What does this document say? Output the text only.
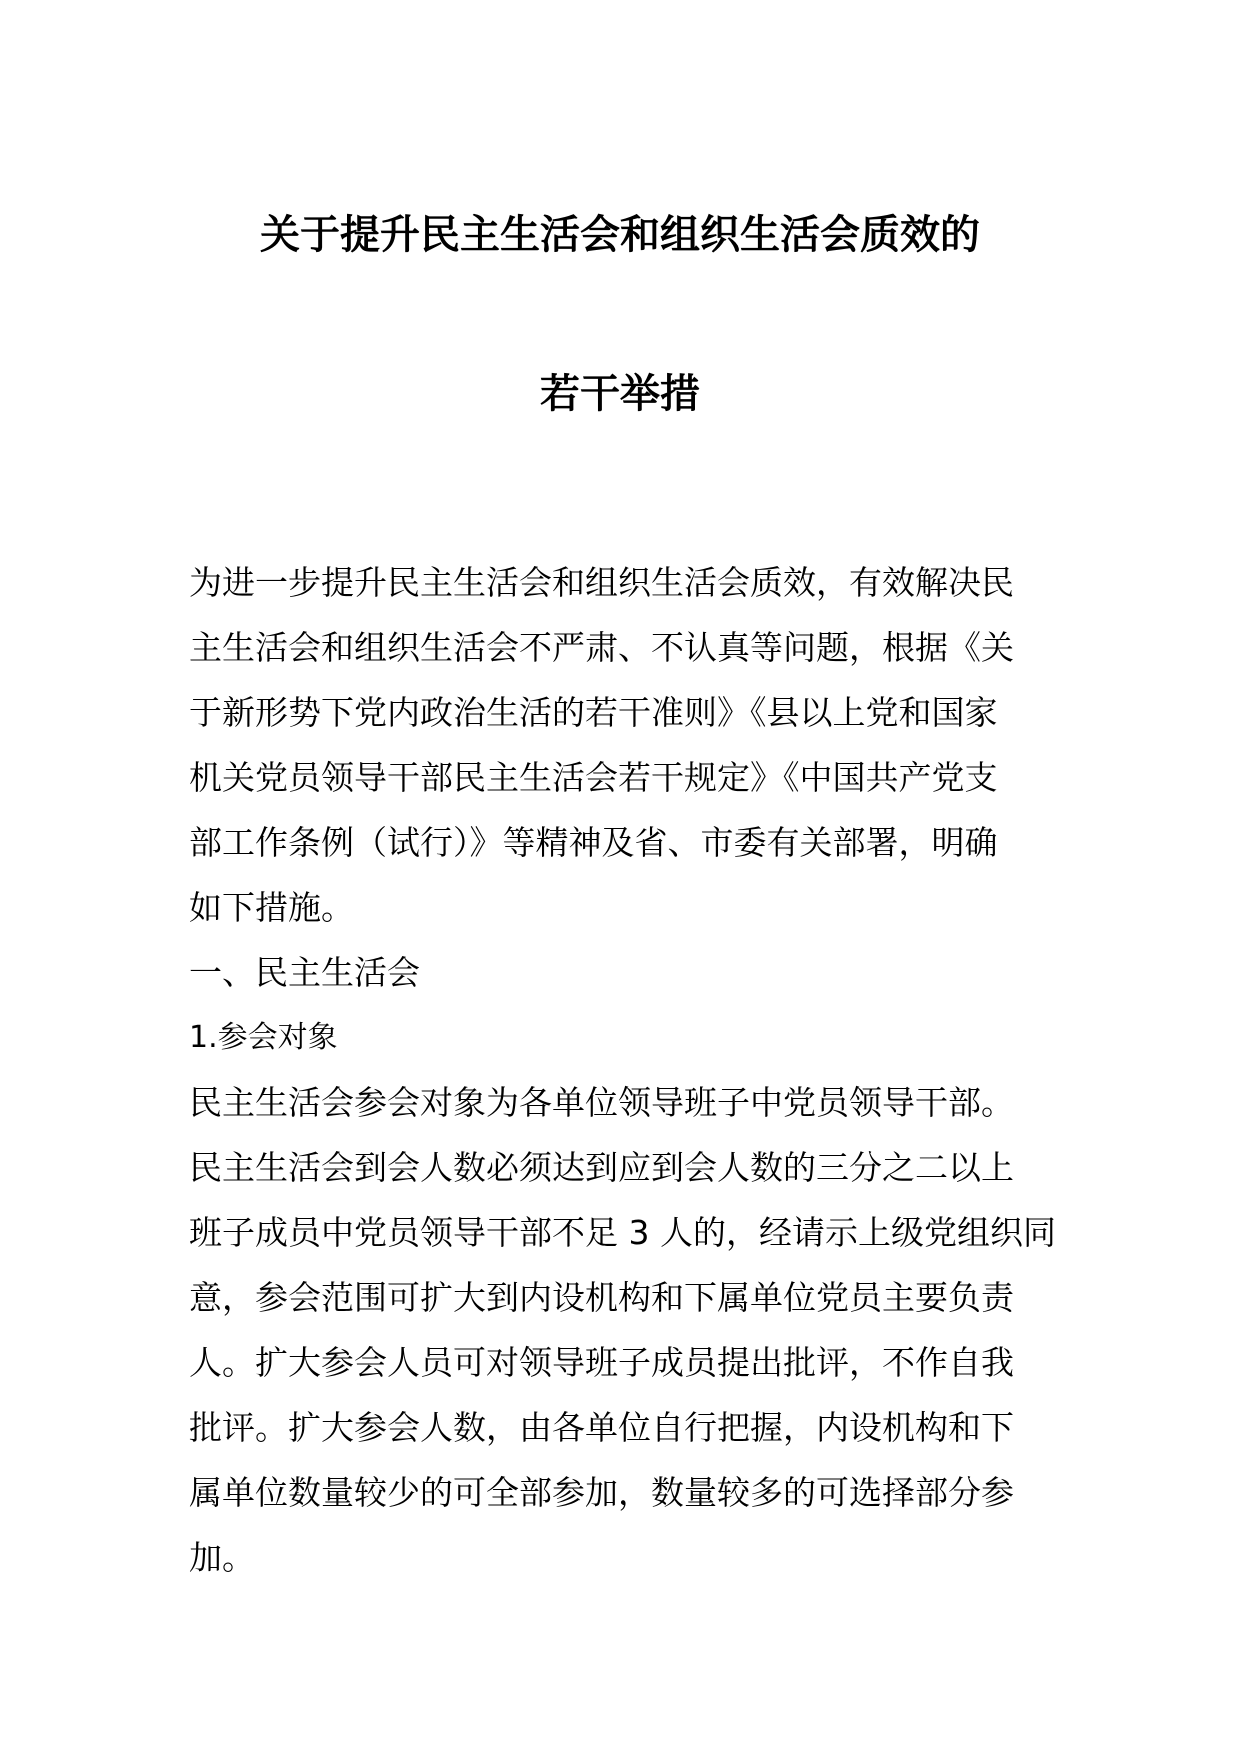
关于提升民主生活会和组织生活会质效的
若干举措
为进一步提升民主生活会和组织生活会质效，有效解决民
主生活会和组织生活会不严肃、不认真等问题，根据《关
于新形势下党内政治生活的若干准则》《县以上党和国家
机关党员领导干部民主生活会若干规定》《中国共产党支
部工作条例（试行）》等精神及省、市委有关部署，明确
如下措施。
一、民主生活会
1.参会对象
民主生活会参会对象为各单位领导班子中党员领导干部。
民主生活会到会人数必须达到应到会人数的三分之二以上
班子成员中党员领导干部不足 3 人的，经请示上级党组织同
意，参会范围可扩大到内设机构和下属单位党员主要负责
人。扩大参会人员可对领导班子成员提出批评，不作自我
批评。扩大参会人数，由各单位自行把握，内设机构和下
属单位数量较少的可全部参加，数量较多的可选择部分参
加。
